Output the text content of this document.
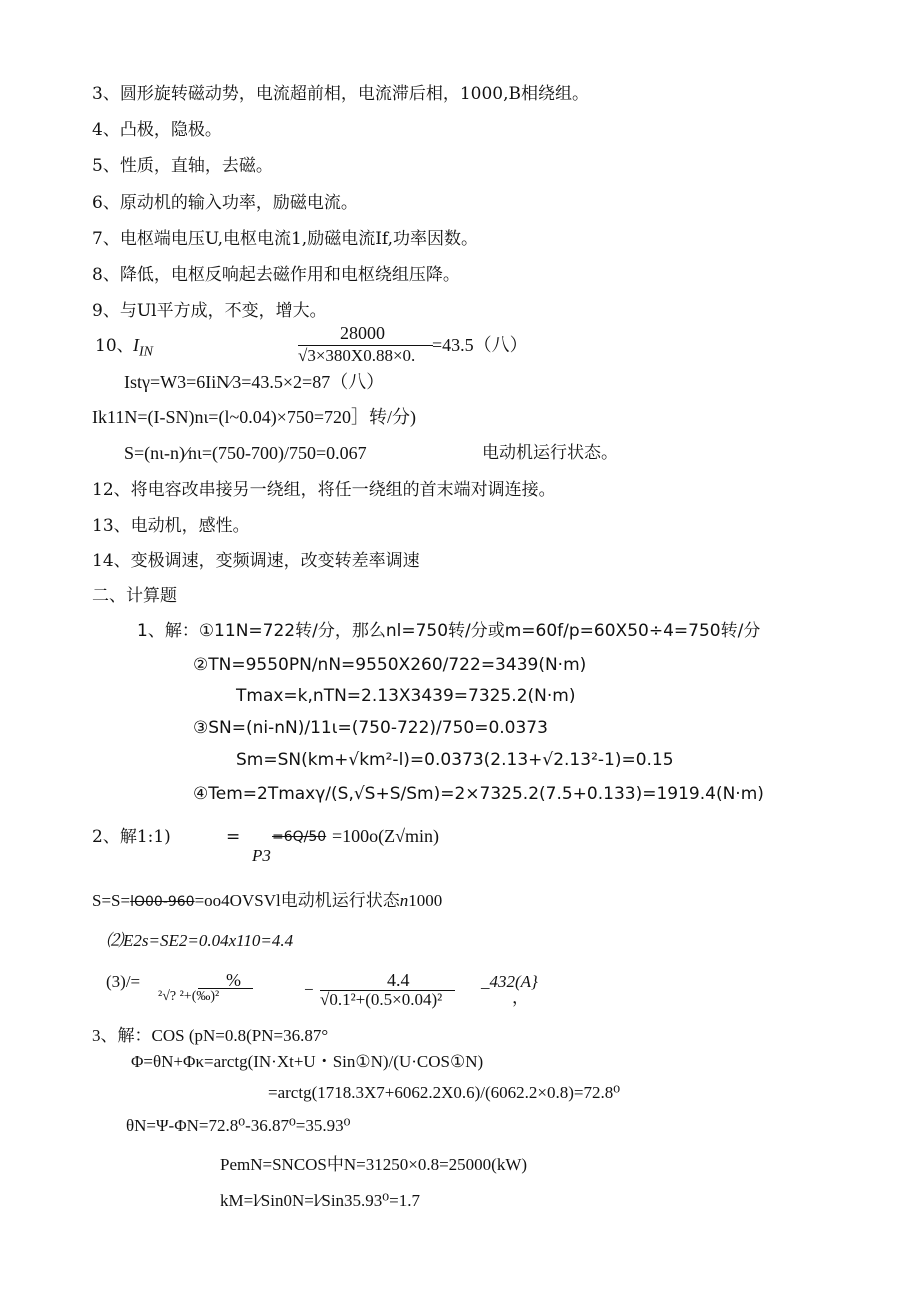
3、圆形旋转磁动势，电流超前相，电流滞后相，1000,B相绕组。
4、凸极，隐极。
5、性质，直轴，去磁。
6、原动机的输入功率，励磁电流。
7、电枢端电压U,电枢电流1,励磁电流If,功率因数。
8、降低，电枢反响起去磁作用和电枢绕组压降。
9、与Ul平方成，不变，增大。
10、 $I_{IN}$
28000
√3×380X0.88×0.
=43.5（八）
Istγ=W3=6IiN∕3=43.5×2=87（八）
Ik11N=(I-SN)nι=(l~0.04)×750=720］转/分)
S=(nι-n)∕nι=(750-700)/750=0.067	电动机运行状态。
12、将电容改串接另一绕组，将任一绕组的首末端对调连接。
13、电动机，感性。
14、变极调速，变频调速，改变转差率调速
二、计算题
1、解：①11N=722转/分，那么nl=750转/分或m=60f∕p=60X50÷4=750转/分
②TN=9550PN∕nN=9550X260/722=3439(N·m)
Tmax=k,nTN=2.13X3439=7325.2(N·m)
③SN=(ni-nN)/11ι=(750-722)∕750=0.0373
Sm=SN(km+√km²-l)=0.0373(2.13+√2.13²-1)=0.15
④Tem=2Tmaxγ/(S,√S+S∕Sm)=2×7325.2(7.5+0.133)=1919.4(N·m)
2、解1:1)	= =6Q/50 =100o(Z√min)
P3
S=S=lO00-960=oo4OVSVl电动机运行状态n1000
⑵E2s=SE2=0.04x110=4.4
(3)/=	%
²√? ²+(‰)²	−	4.4
√0.1²+(0.5×0.04)²
_432(A}
，
3、解：COS (pN=0.8(PN=36.87°
Φ=θN+Φκ=arctg(IN·Xt+U・Sin①N)/(U·COS①N)
=arctg(1718.3X7+6062.2X0.6)/(6062.2×0.8)=72.8⁰
θN=Ψ-ΦN=72.8⁰-36.87⁰=35.93⁰
PemN=SNCOS中N=31250×0.8=25000(kW)
kM=l∕Sin0N=l∕Sin35.93⁰=1.7
